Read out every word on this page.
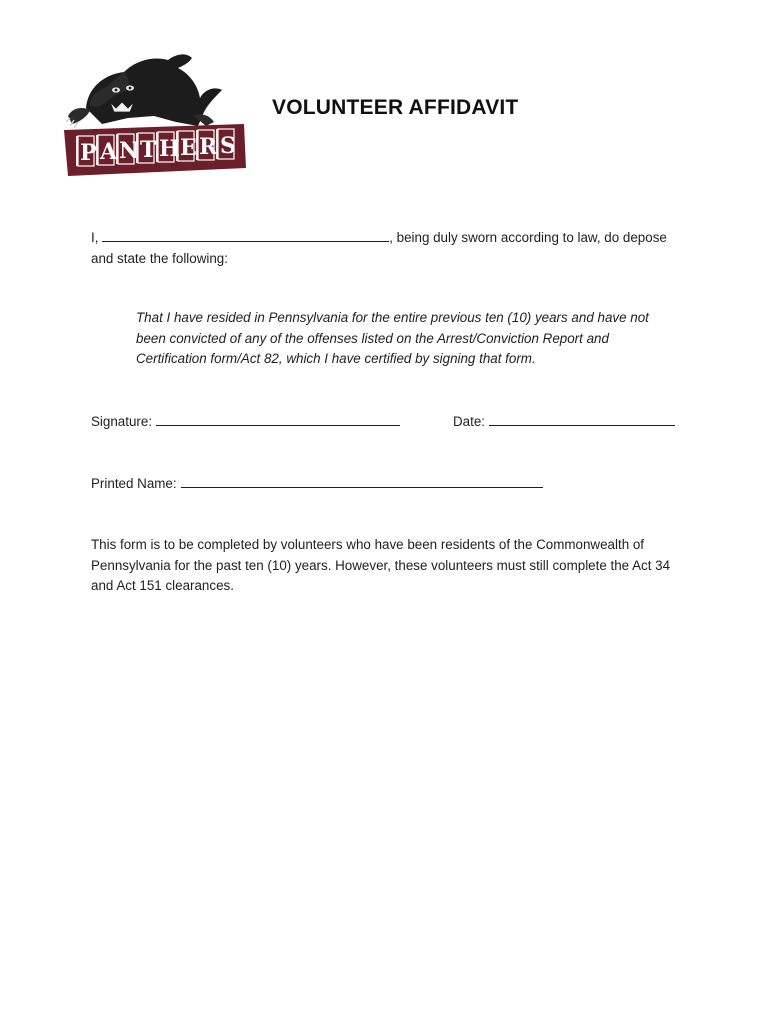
P A N T H E R S
VOLUNTEER AFFIDAVIT
I,	, being duly sworn according to law, do depose
and state the following:
That I have resided in Pennsylvania for the entire previous ten (10) years and have not been convicted of any of the offenses listed on the Arrest/Conviction Report and Certification form/Act 82, which I have certified by signing that form.
Signature:	Date:
Printed Name:
This form is to be completed by volunteers who have been residents of the Commonwealth of Pennsylvania for the past ten (10) years. However, these volunteers must still complete the Act 34 and Act 151 clearances.
